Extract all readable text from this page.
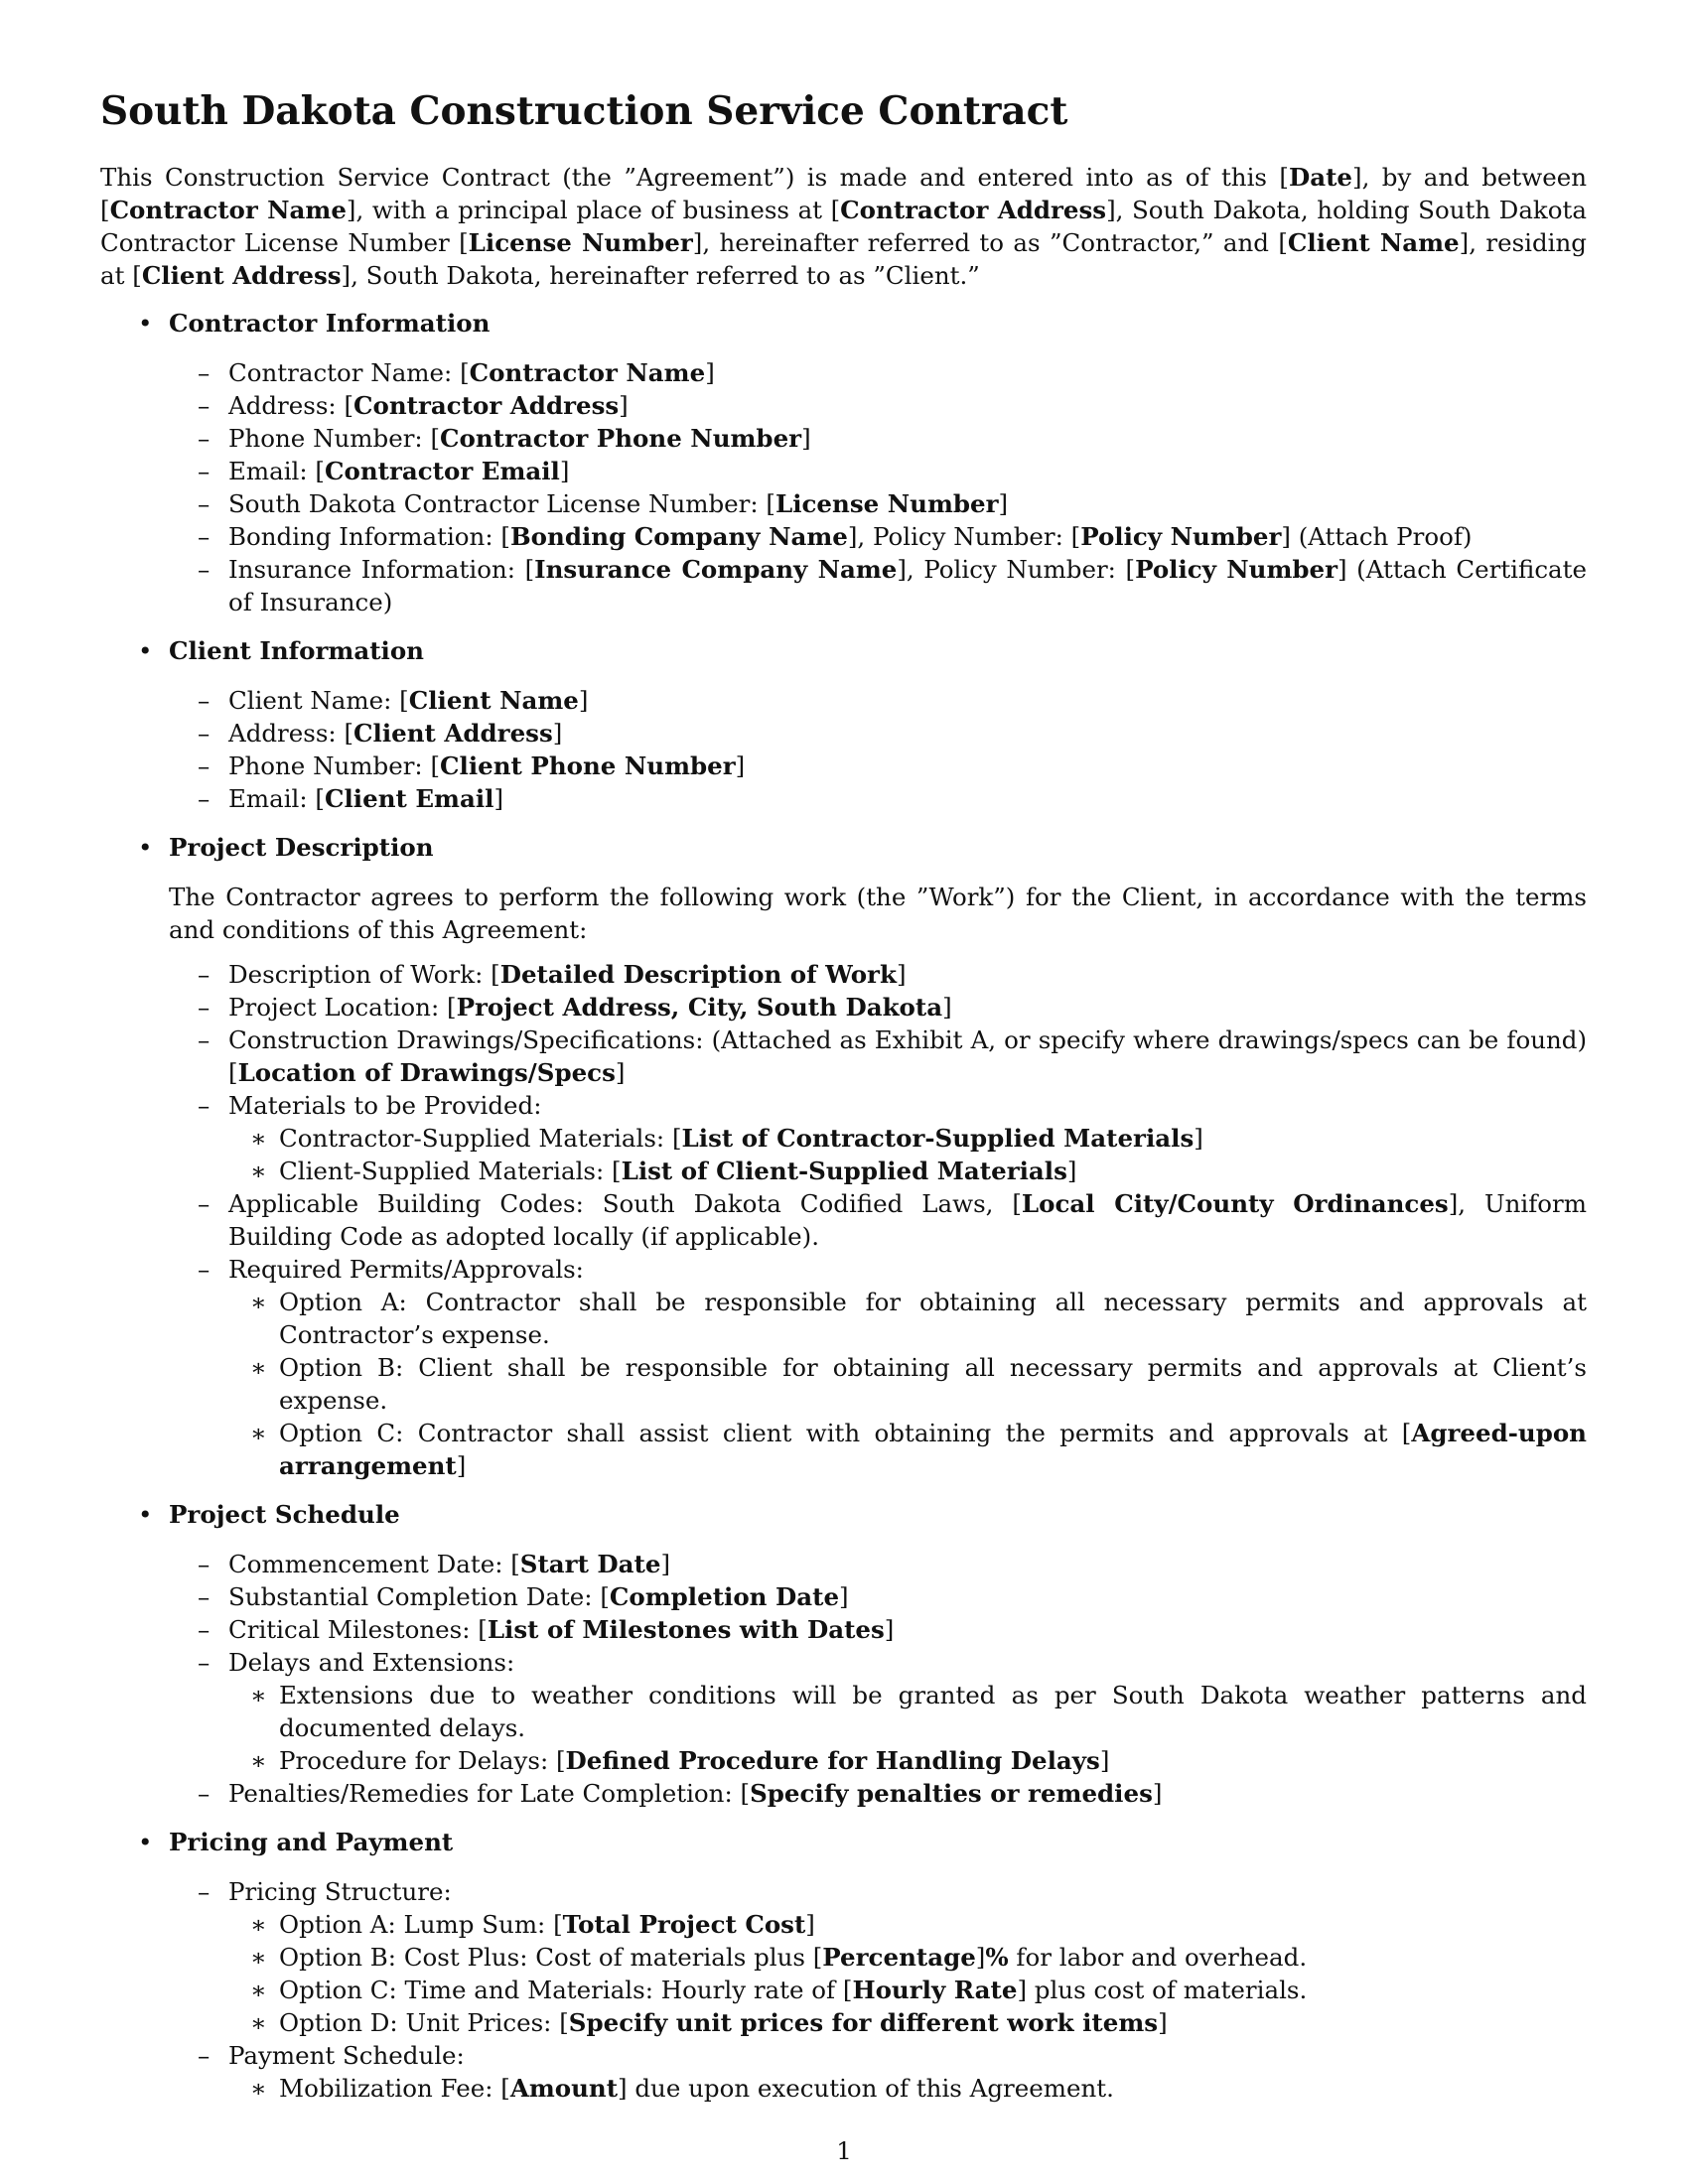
South Dakota Construction Service Contract
This Construction Service Contract (the ”Agreement”) is made and entered into as of this [Date], by and between [Contractor Name], with a principal place of business at [Contractor Address], South Dakota, holding South Dakota Contractor License Number [License Number], hereinafter referred to as ”Contractor,” and [Client Name], residing at [Client Address], South Dakota, hereinafter referred to as ”Client.”
• Contractor Information
– Contractor Name: [Contractor Name]
– Address: [Contractor Address]
– Phone Number: [Contractor Phone Number]
– Email: [Contractor Email]
– South Dakota Contractor License Number: [License Number]
– Bonding Information: [Bonding Company Name], Policy Number: [Policy Number] (Attach Proof)
– Insurance Information: [Insurance Company Name], Policy Number: [Policy Number] (Attach Certificate of Insurance)
• Client Information
– Client Name: [Client Name]
– Address: [Client Address]
– Phone Number: [Client Phone Number]
– Email: [Client Email]
• Project Description
The Contractor agrees to perform the following work (the ”Work”) for the Client, in accordance with the terms and conditions of this Agreement:
– Description of Work: [Detailed Description of Work]
– Project Location: [Project Address, City, South Dakota]
– Construction Drawings/Specifications: (Attached as Exhibit A, or specify where drawings/specs can be found) [Location of Drawings/Specs]
– Materials to be Provided:
∗ Contractor-Supplied Materials: [List of Contractor-Supplied Materials]
∗ Client-Supplied Materials: [List of Client-Supplied Materials]
– Applicable Building Codes: South Dakota Codified Laws, [Local City/County Ordinances], Uniform Building Code as adopted locally (if applicable).
– Required Permits/Approvals:
∗ Option A: Contractor shall be responsible for obtaining all necessary permits and approvals at Contractor’s expense.
∗ Option B: Client shall be responsible for obtaining all necessary permits and approvals at Client’s expense.
∗ Option C: Contractor shall assist client with obtaining the permits and approvals at [Agreed-upon arrangement]
• Project Schedule
– Commencement Date: [Start Date]
– Substantial Completion Date: [Completion Date]
– Critical Milestones: [List of Milestones with Dates]
– Delays and Extensions:
∗ Extensions due to weather conditions will be granted as per South Dakota weather patterns and documented delays.
∗ Procedure for Delays: [Defined Procedure for Handling Delays]
– Penalties/Remedies for Late Completion: [Specify penalties or remedies]
• Pricing and Payment
– Pricing Structure:
∗ Option A: Lump Sum: [Total Project Cost]
∗ Option B: Cost Plus: Cost of materials plus [Percentage]% for labor and overhead.
∗ Option C: Time and Materials: Hourly rate of [Hourly Rate] plus cost of materials.
∗ Option D: Unit Prices: [Specify unit prices for different work items]
– Payment Schedule:
∗ Mobilization Fee: [Amount] due upon execution of this Agreement.
1
